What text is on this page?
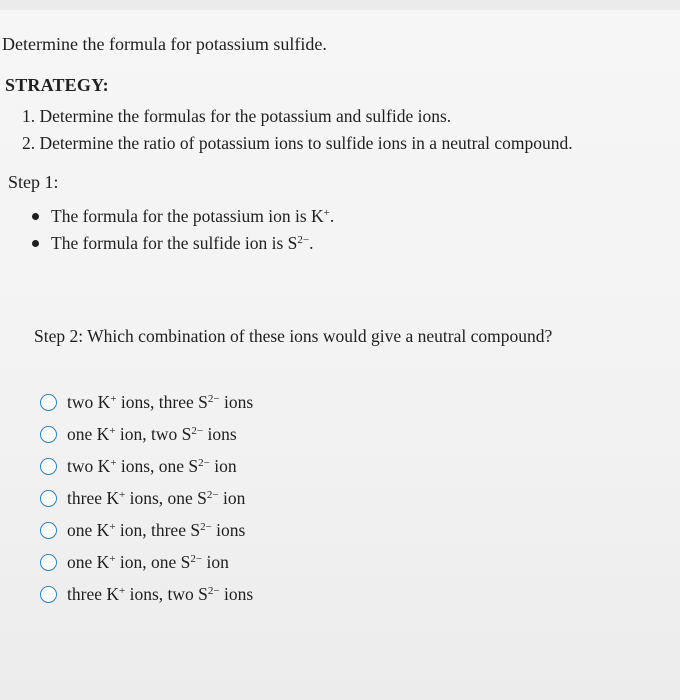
Determine the formula for potassium sulfide.
STRATEGY:
1. Determine the formulas for the potassium and sulfide ions.
2. Determine the ratio of potassium ions to sulfide ions in a neutral compound.
Step 1:
The formula for the potassium ion is K+.
The formula for the sulfide ion is $S^{2-}$.
Step 2: Which combination of these ions would give a neutral compound?
two K+ ions, three $S^{2-}$ ions
one K+ ion, two $S^{2-}$ ions
two K+ ions, one $S^{2-}$ ion
three K+ ions, one $S^{2-}$ ion
one K+ ion, three $S^{2-}$ ions
one K+ ion, one $S^{2-}$ ion
three K+ ions, two $S^{2-}$ ions
